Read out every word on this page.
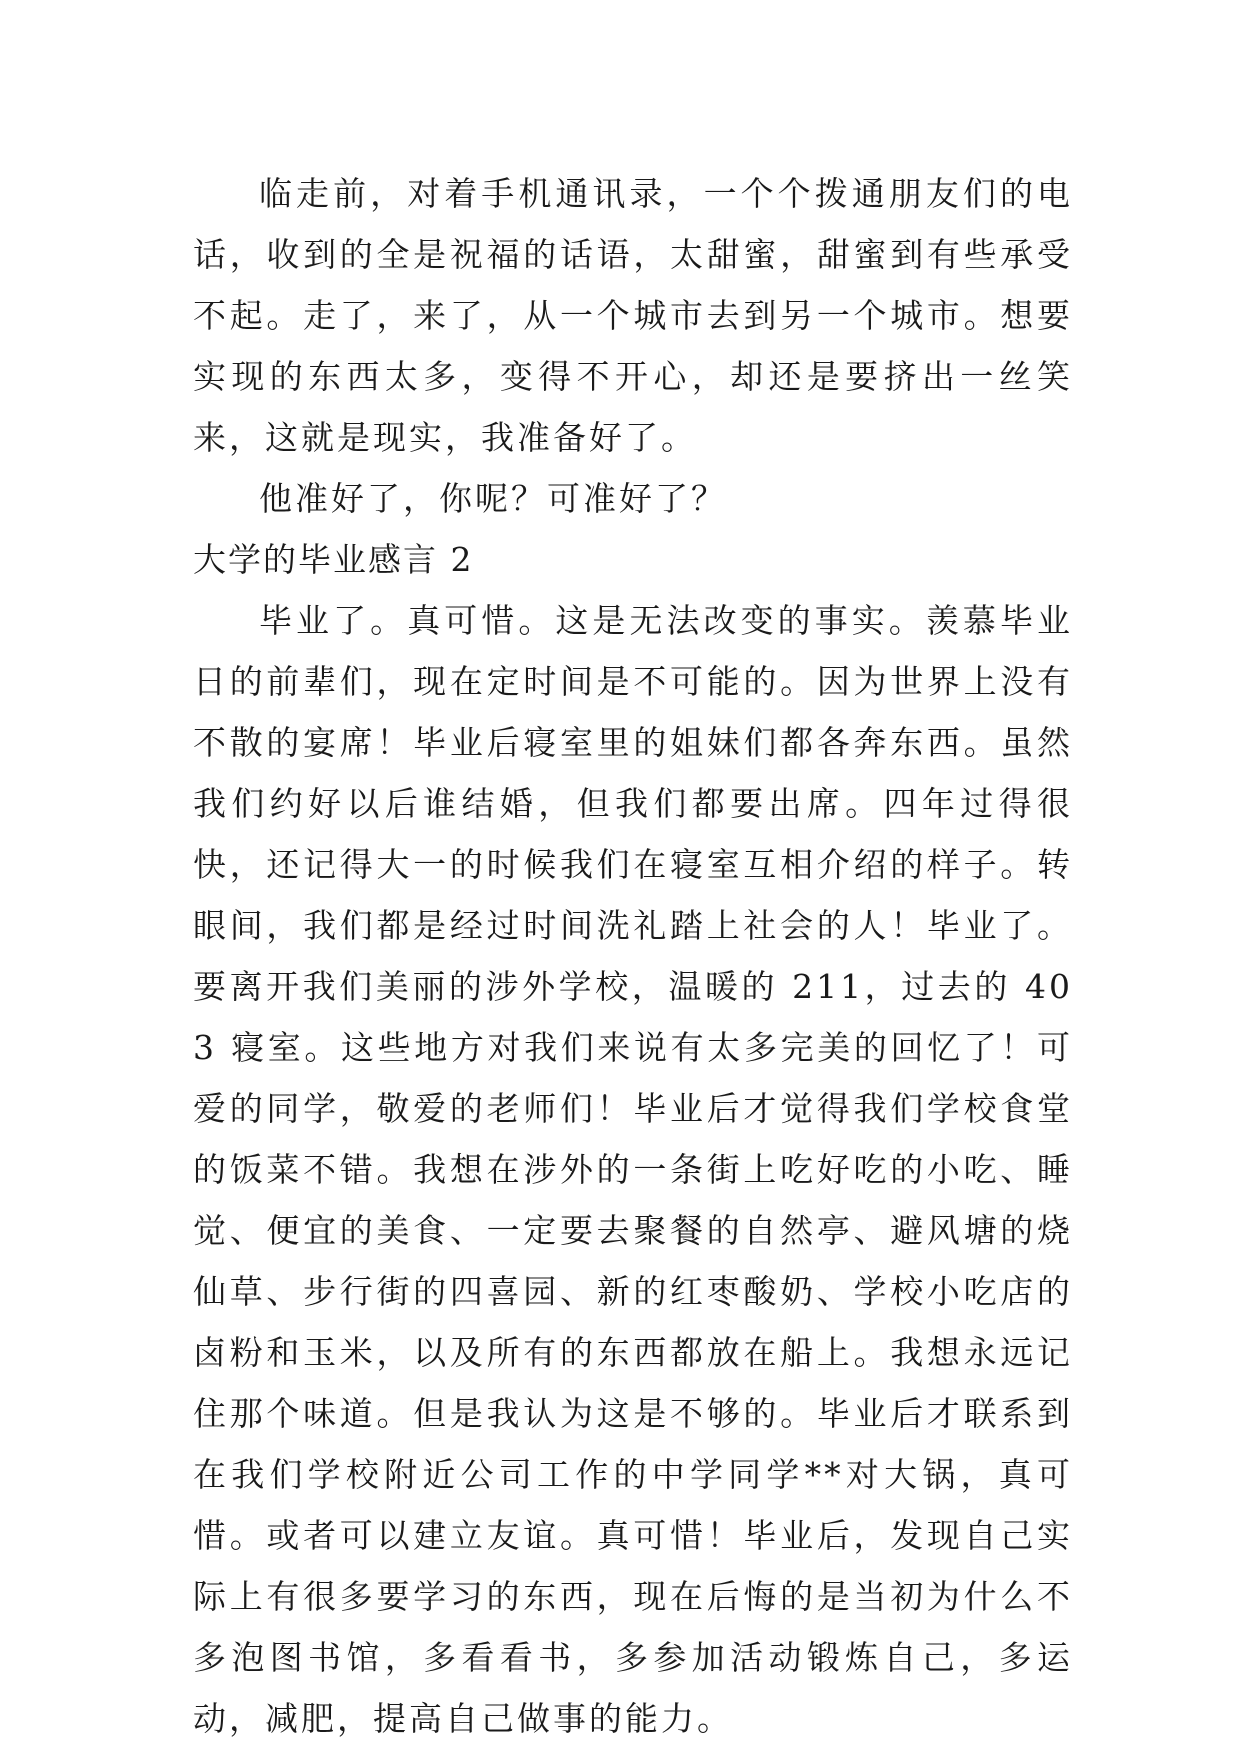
临走前，对着手机通讯录，一个个拨通朋友们的电话，收到的全是祝福的话语，太甜蜜，甜蜜到有些承受不起。走了，来了，从一个城市去到另一个城市。想要实现的东西太多，变得不开心，却还是要挤出一丝笑来，这就是现实，我准备好了。

他准好了，你呢？可准好了？

大学的毕业感言 2

毕业了。真可惜。这是无法改变的事实。羡慕毕业日的前辈们，现在定时间是不可能的。因为世界上没有不散的宴席！毕业后寝室里的姐妹们都各奔东西。虽然我们约好以后谁结婚，但我们都要出席。四年过得很快，还记得大一的时候我们在寝室互相介绍的样子。转眼间，我们都是经过时间洗礼踏上社会的人！毕业了。要离开我们美丽的涉外学校，温暖的 211，过去的 403 寝室。这些地方对我们来说有太多完美的回忆了！可爱的同学，敬爱的老师们！毕业后才觉得我们学校食堂的饭菜不错。我想在涉外的一条街上吃好吃的小吃、睡觉、便宜的美食、一定要去聚餐的自然亭、避风塘的烧仙草、步行街的四喜园、新的红枣酸奶、学校小吃店的卤粉和玉米，以及所有的东西都放在船上。我想永远记住那个味道。但是我认为这是不够的。毕业后才联系到在我们学校附近公司工作的中学同学**对大锅，真可惜。或者可以建立友谊。真可惜！毕业后，发现自己实际上有很多要学习的东西，现在后悔的是当初为什么不多泡图书馆，多看看书，多参加活动锻炼自己，多运动，减肥，提高自己做事的能力。
